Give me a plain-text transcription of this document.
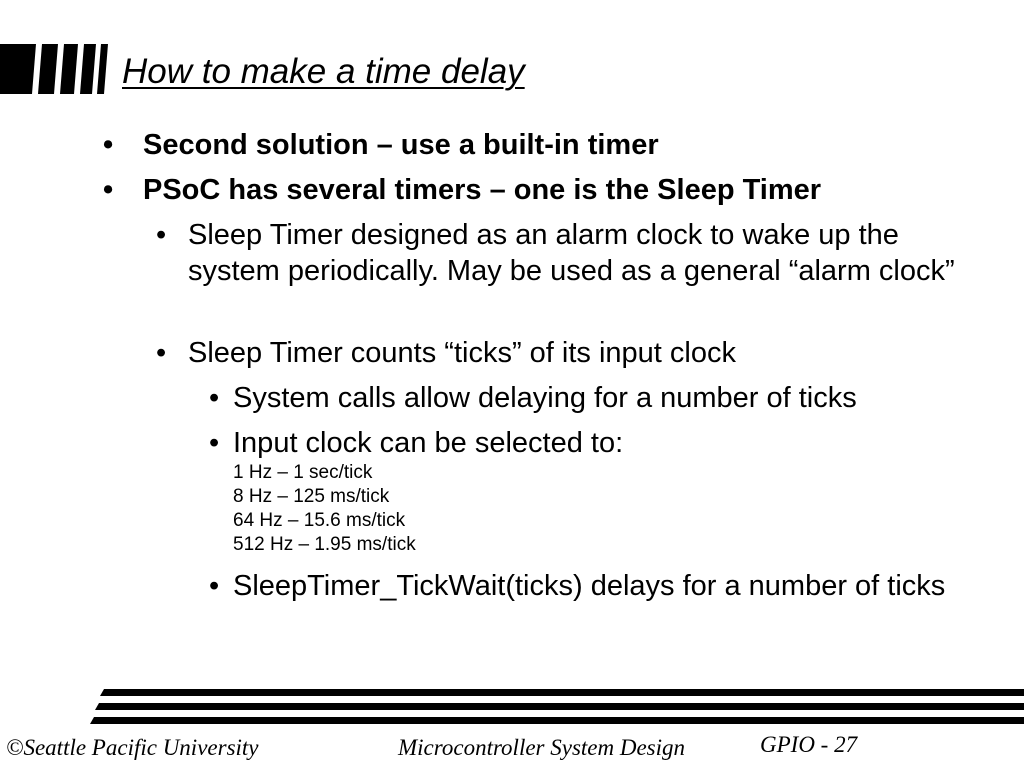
How to make a time delay
•	Second solution – use a built-in timer
•	PSoC has several timers – one is the Sleep Timer
• Sleep Timer designed as an alarm clock to wake up the system periodically. May be used as a general “alarm clock”
• Sleep Timer counts “ticks” of its input clock
• System calls allow delaying for a number of ticks
• Input clock can be selected to:
1 Hz – 1 sec/tick
8 Hz – 125 ms/tick
64 Hz – 15.6 ms/tick
512 Hz – 1.95 ms/tick
• SleepTimer_TickWait(ticks) delays for a number of ticks
©Seattle Pacific University	Microcontroller System Design	GPIO - 27
